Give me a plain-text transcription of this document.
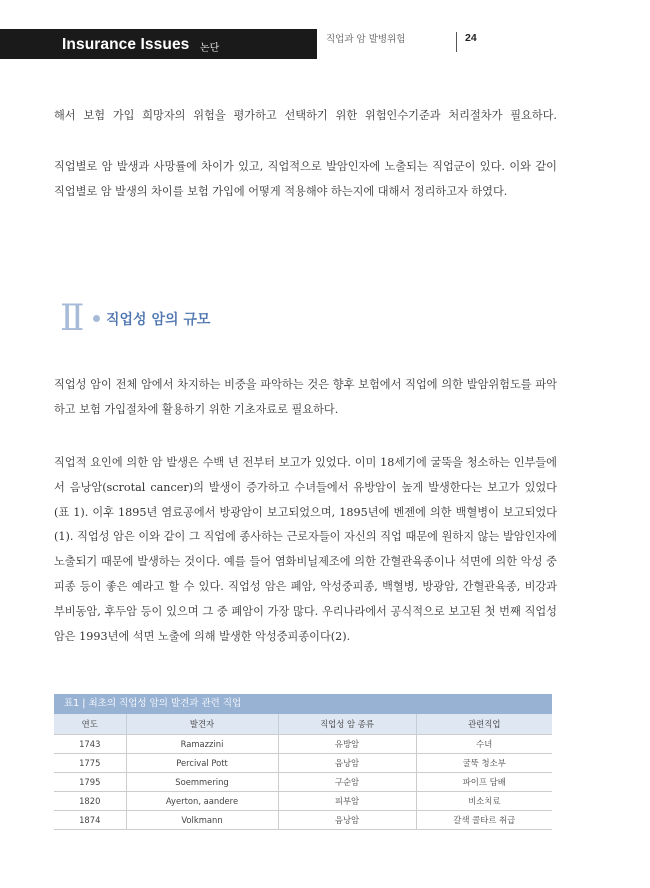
Insurance Issues 논단
직업과 암 발병위험	24

해서 보험 가입 희망자의 위험을 평가하고 선택하기 위한 위험인수기준과 처리절차가 필요하다.

직업별로 암 발생과 사망률에 차이가 있고, 직업적으로 발암인자에 노출되는 직업군이 있다. 이와 같이 직업별로 암 발생의 차이를 보험 가입에 어떻게 적용해야 하는지에 대해서 정리하고자 하였다.

Ⅱ 직업성 암의 규모

직업성 암이 전체 암에서 차지하는 비중을 파악하는 것은 향후 보험에서 직업에 의한 발암위험도를 파악하고 보험 가입절차에 활용하기 위한 기초자료로 필요하다.

직업적 요인에 의한 암 발생은 수백 년 전부터 보고가 있었다. 이미 18세기에 굴뚝을 청소하는 인부들에서 음낭암(scrotal cancer)의 발생이 증가하고 수녀들에서 유방암이 높게 발생한다는 보고가 있었다(표 1). 이후 1895년 염료공에서 방광암이 보고되었으며, 1895년에 벤젠에 의한 백혈병이 보고되었다(1). 직업성 암은 이와 같이 그 직업에 종사하는 근로자들이 자신의 직업 때문에 원하지 않는 발암인자에 노출되기 때문에 발생하는 것이다. 예를 들어 염화비닐제조에 의한 간혈관육종이나 석면에 의한 악성 중피종 등이 좋은 예라고 할 수 있다. 직업성 암은 폐암, 악성중피종, 백혈병, 방광암, 간혈관육종, 비강과 부비동암, 후두암 등이 있으며 그 중 폐암이 가장 많다. 우리나라에서 공식적으로 보고된 첫 번째 직업성 암은 1993년에 석면 노출에 의해 발생한 악성중피종이다(2).

표1 | 최초의 직업성 암의 발견과 관련 직업
연도	발견자	직업성 암 종류	관련직업
1743	Ramazzini	유방암	수녀
1775	Percival Pott	음낭암	굴뚝 청소부
1795	Soemmering	구순암	파이프 담배
1820	Ayerton, aandere	피부암	비소치료
1874	Volkmann	음낭암	갈색 콜타르 취급
